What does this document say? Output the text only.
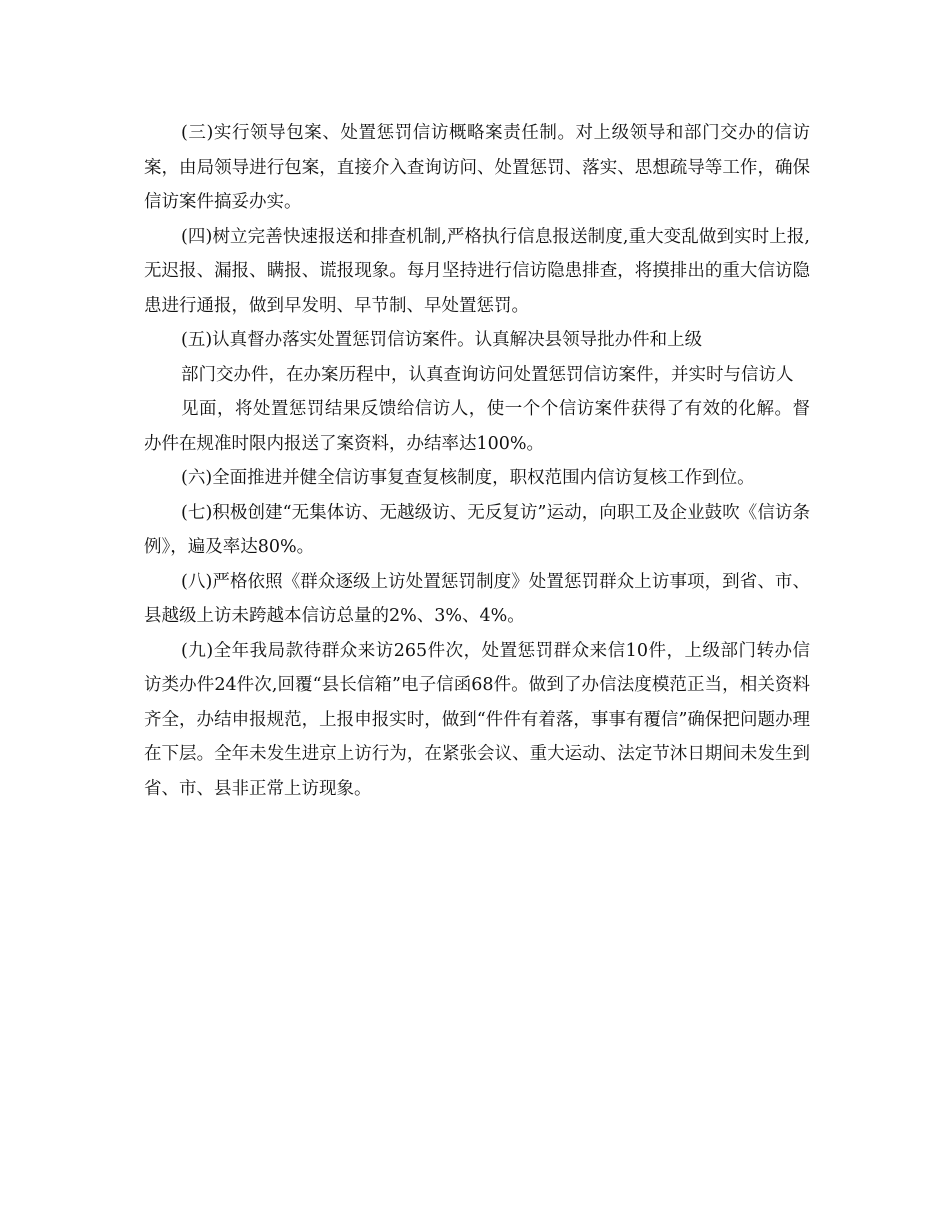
(三)实行领导包案、处置惩罚信访概略案责任制。对上级领导和部门交办的信访案，由局领导进行包案，直接介入查询访问、处置惩罚、落实、思想疏导等工作，确保信访案件搞妥办实。

(四)树立完善快速报送和排查机制,严格执行信息报送制度,重大变乱做到实时上报,无迟报、漏报、瞒报、谎报现象。每月坚持进行信访隐患排查，将摸排出的重大信访隐患进行通报，做到早发明、早节制、早处置惩罚。

(五)认真督办落实处置惩罚信访案件。认真解决县领导批办件和上级

部门交办件，在办案历程中，认真查询访问处置惩罚信访案件，并实时与信访人

见面，将处置惩罚结果反馈给信访人，使一个个信访案件获得了有效的化解。督办件在规准时限内报送了案资料，办结率达100%。

(六)全面推进并健全信访事复查复核制度，职权范围内信访复核工作到位。

(七)积极创建“无集体访、无越级访、无反复访”运动，向职工及企业鼓吹《信访条例》，遍及率达80%。

(八)严格依照《群众逐级上访处置惩罚制度》处置惩罚群众上访事项，到省、市、县越级上访未跨越本信访总量的2%、3%、4%。

(九)全年我局款待群众来访265件次，处置惩罚群众来信10件，上级部门转办信访类办件24件次,回覆“县长信箱”电子信函68件。做到了办信法度模范正当，相关资料齐全，办结申报规范，上报申报实时，做到“件件有着落，事事有覆信”确保把问题办理在下层。全年未发生进京上访行为，在紧张会议、重大运动、法定节沐日期间未发生到省、市、县非正常上访现象。
